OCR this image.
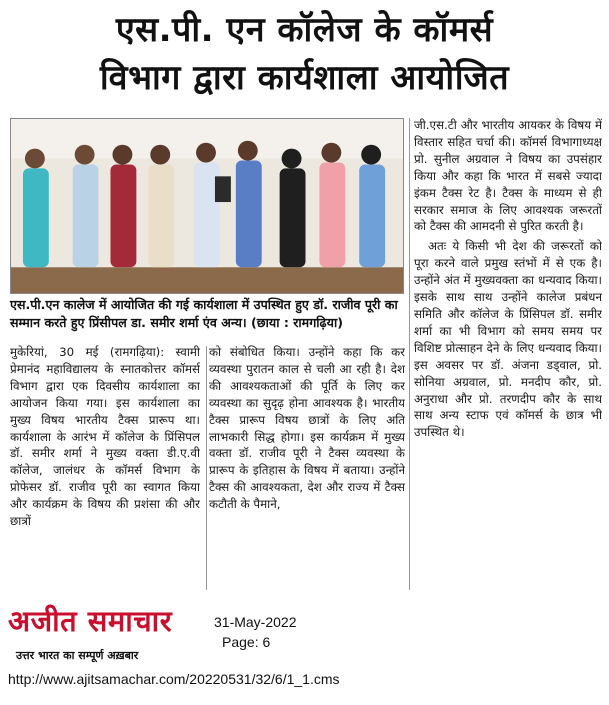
एस.पी. एन कॉलेज के कॉमर्स
विभाग द्वारा कार्यशाला आयोजित
एस.पी.एन कालेज में आयोजित की गई कार्यशाला में उपस्थित हुए डॉ. राजीव पूरी का सम्मान करते हुए प्रिंसीपल डा. समीर शर्मा एंव अन्य। (छाया : रामगढ़िया)

मुकेरियां, 30 मई (रामगढ़िया): स्वामी प्रेमानंद महाविद्यालय के स्नातकोत्तर कॉमर्स विभाग द्वारा एक दिवसीय कार्यशाला का आयोजन किया गया। इस कार्यशाला का मुख्य विषय भारतीय टैक्स प्रारूप था। कार्यशाला के आरंभ में कॉलेज के प्रिंसिपल डॉ. समीर शर्मा ने मुख्य वक्ता डी.ए.वी कॉलेज, जालंधर के कॉमर्स विभाग के प्रोफेसर डॉ. राजीव पूरी का स्वागत किया और कार्यक्रम के विषय की प्रशंसा की और छात्रों

को संबोधित किया। उन्होंने कहा कि कर व्यवस्था पुरातन काल से चली आ रही है। देश की आवश्यकताओं की पूर्ति के लिए कर व्यवस्था का सुदृढ़ होना आवश्यक है। भारतीय टैक्स प्रारूप विषय छात्रों के लिए अति लाभकारी सिद्ध होगा। इस कार्यक्रम में मुख्य वक्ता डॉ. राजीव पूरी ने टैक्स व्यवस्था के प्रारूप के इतिहास के विषय में बताया। उन्होंने टैक्स की आवश्यकता, देश और राज्य में टैक्स कटौती के पैमाने,

जी.एस.टी और भारतीय आयकर के विषय में विस्तार सहित चर्चा की। कॉमर्स विभागाध्यक्ष प्रो. सुनील अग्रवाल ने विषय का उपसंहार किया और कहा कि भारत में सबसे ज्यादा इंकम टैक्स रेट है। टैक्स के माध्यम से ही सरकार समाज के लिए आवश्यक जरूरतों को टैक्स की आमदनी से पुरित करती है।

अतः ये किसी भी देश की जरूरतों को पूरा करने वाले प्रमुख स्तंभों में से एक है। उन्होंने अंत में मुख्यवक्ता का धन्यवाद किया। इसके साथ साथ उन्होंने कालेज प्रबंधन समिति और कॉलेज के प्रिंसिपल डॉ. समीर शर्मा का भी विभाग को समय समय पर विशिष्ट प्रोत्साहन देने के लिए धन्यवाद किया। इस अवसर पर डॉ. अंजना डड्वाल, प्रो. सोनिया अग्रवाल, प्रो. मनदीप कौर, प्रो. अनुराधा और प्रो. तरणदीप कौर के साथ साथ अन्य स्टाफ एवं कॉमर्स के छात्र भी उपस्थित थे।

अजीत समाचार
उत्तर भारत का सम्पूर्ण अख़बार
31-May-2022
Page: 6
http://www.ajitsamachar.com/20220531/32/6/1_1.cms
